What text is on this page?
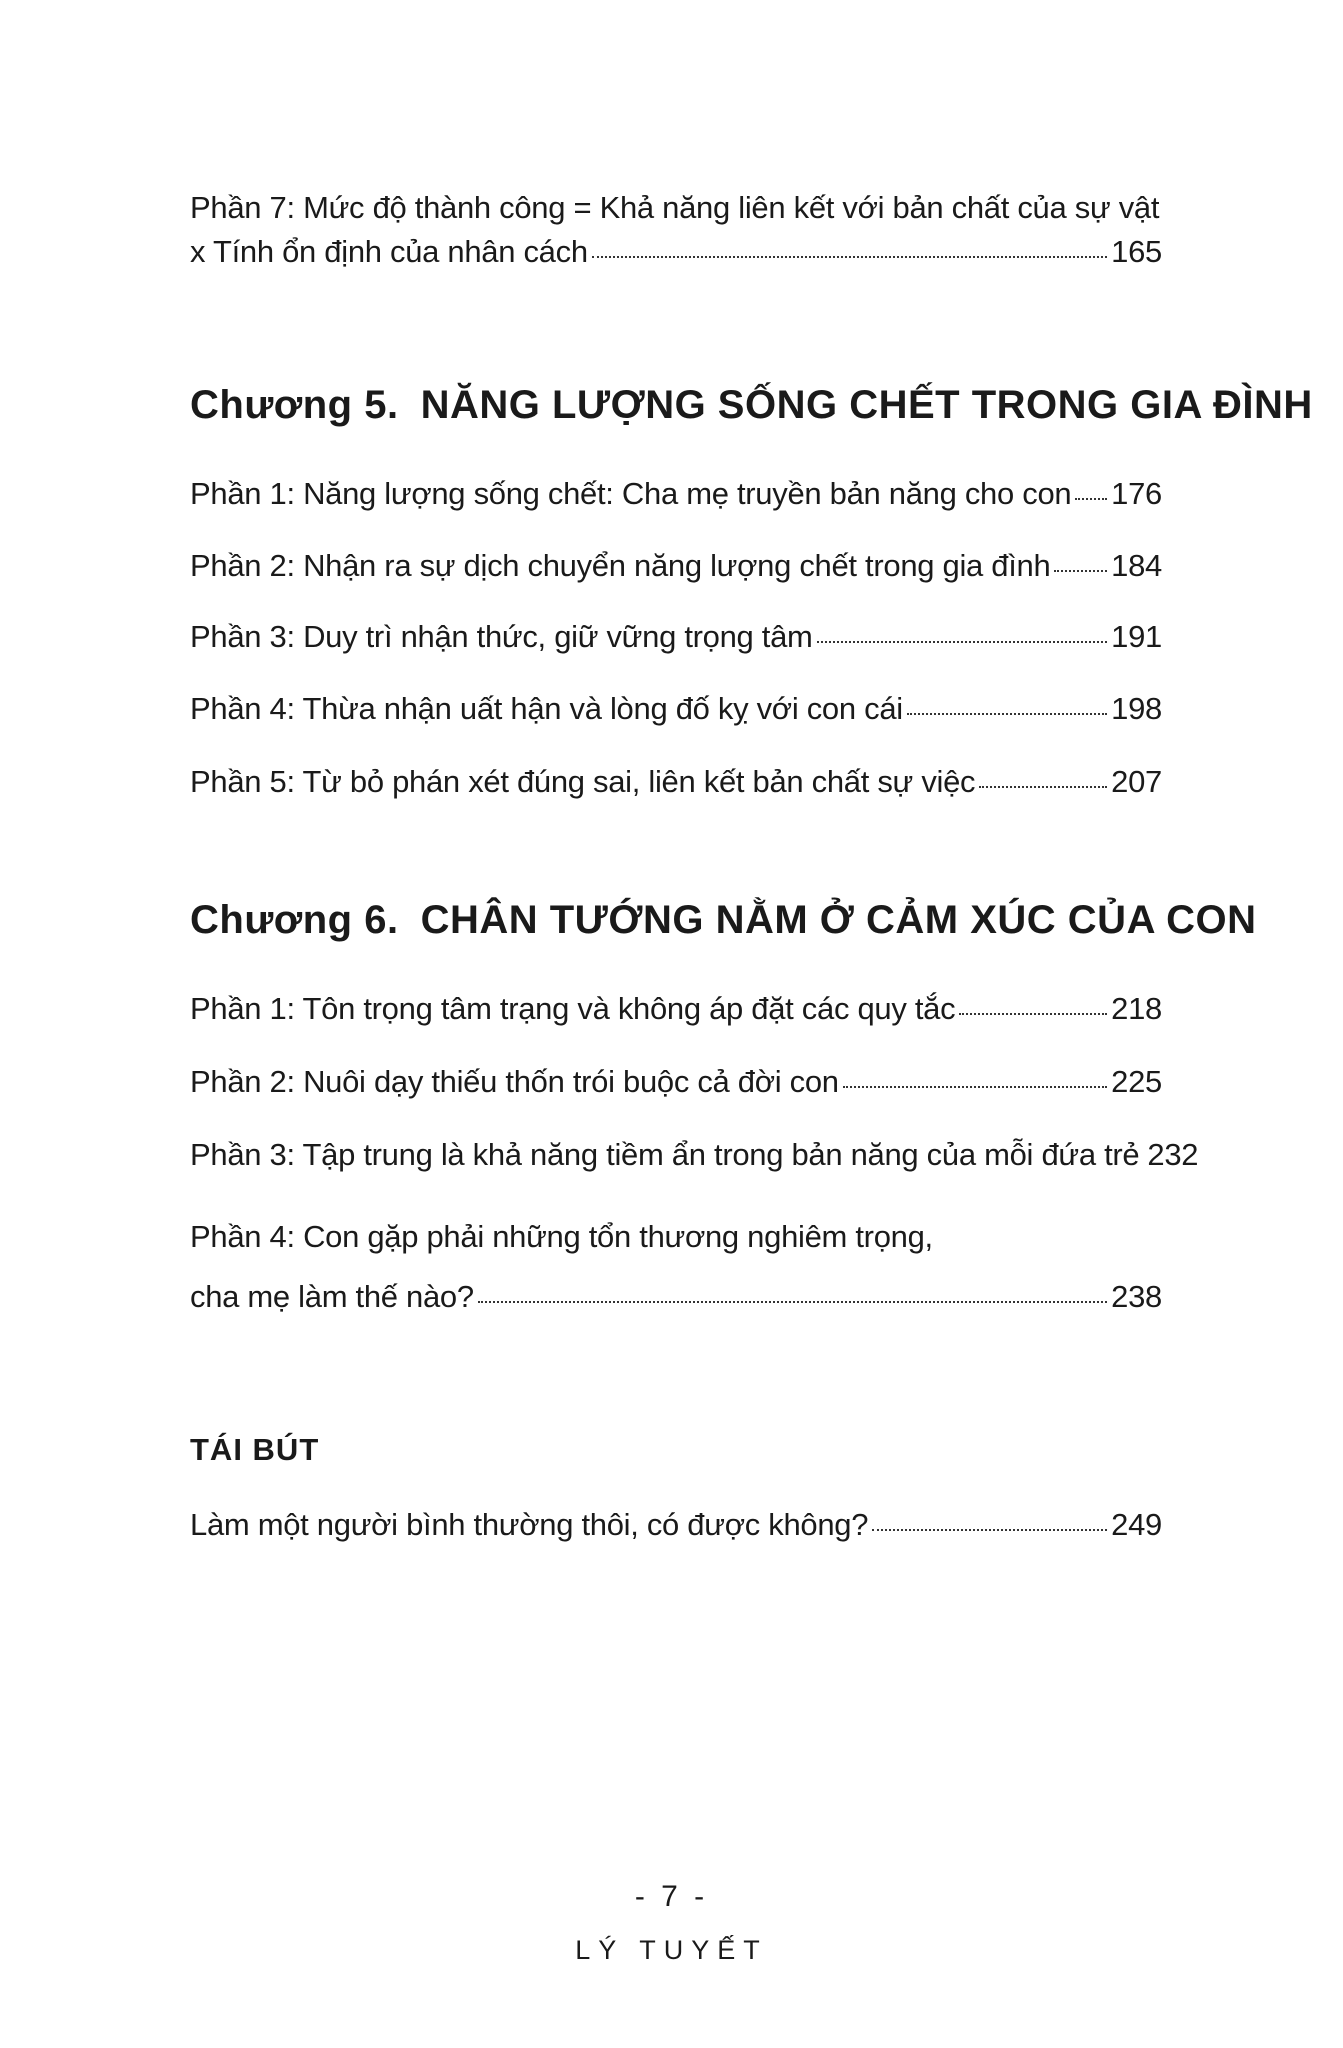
Phần 7: Mức độ thành công = Khả năng liên kết với bản chất của sự vật
x Tính ổn định của nhân cách	165
Chương 5. NĂNG LƯỢNG SỐNG CHẾT TRONG GIA ĐÌNH
Phần 1: Năng lượng sống chết: Cha mẹ truyền bản năng cho con 176
Phần 2: Nhận ra sự dịch chuyển năng lượng chết trong gia đình 184
Phần 3: Duy trì nhận thức, giữ vững trọng tâm	191
Phần 4: Thừa nhận uất hận và lòng đố kỵ với con cái	198
Phần 5: Từ bỏ phán xét đúng sai, liên kết bản chất sự việc	207
Chương 6. CHÂN TƯỚNG NẰM Ở CẢM XÚC CỦA CON
Phần 1: Tôn trọng tâm trạng và không áp đặt các quy tắc	218
Phần 2: Nuôi dạy thiếu thốn trói buộc cả đời con	225
Phần 3: Tập trung là khả năng tiềm ẩn trong bản năng của mỗi đứa trẻ 232
Phần 4: Con gặp phải những tổn thương nghiêm trọng,
cha mẹ làm thế nào?	238
TÁI BÚT
Làm một người bình thường thôi, có được không?	249
- 7 -
LÝ TUYẾT
